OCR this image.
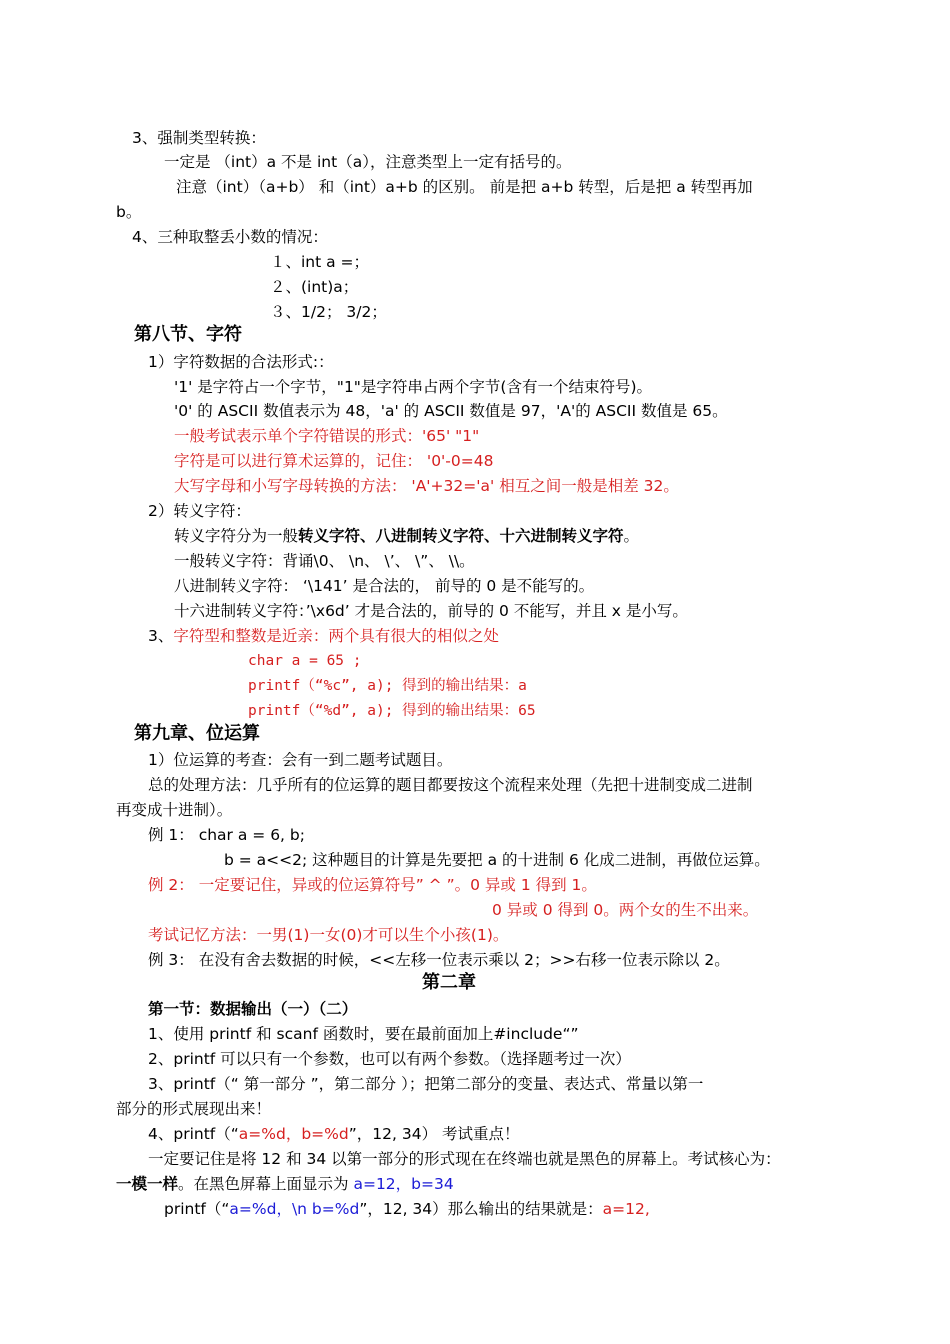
3、强制类型转换：
一定是 （int）a 不是 int（a），注意类型上一定有括号的。
注意（int）（a+b） 和（int）a+b 的区别。 前是把 a+b 转型，后是把 a 转型再加
b。
4、三种取整丢小数的情况：
１、int a =；
２、(int)a；
３、1/2； 3/2；
第八节、字符
1）字符数据的合法形式:：
'1' 是字符占一个字节，"1"是字符串占两个字节(含有一个结束符号)。
'0' 的 ASCII 数值表示为 48，'a' 的 ASCII 数值是 97，'A'的 ASCII 数值是 65。
一般考试表示单个字符错误的形式：'65' "1"
字符是可以进行算术运算的，记住： '0'-0=48
大写字母和小写字母转换的方法： 'A'+32='a' 相互之间一般是相差 32。
2）转义字符：
转义字符分为一般转义字符、八进制转义字符、十六进制转义字符。
一般转义字符：背诵\0、 \n、 \’、 \”、 \\。
八进制转义字符： ‘\141’ 是合法的， 前导的 0 是不能写的。
十六进制转义字符：’\x6d’ 才是合法的，前导的 0 不能写，并且 x 是小写。
3、字符型和整数是近亲：两个具有很大的相似之处
char a = 65 ;
printf（“%c”, a); 得到的输出结果：a
printf（“%d”, a); 得到的输出结果：65
第九章、位运算
1）位运算的考查：会有一到二题考试题目。
总的处理方法：几乎所有的位运算的题目都要按这个流程来处理（先把十进制变成二进制
再变成十进制）。
例 1： char a = 6, b;
b = a<<2; 这种题目的计算是先要把 a 的十进制 6 化成二进制，再做位运算。
例 2： 一定要记住，异或的位运算符号” ^ ”。0 异或 1 得到 1。
0 异或 0 得到 0。两个女的生不出来。
考试记忆方法：一男(1)一女(0)才可以生个小孩(1)。
例 3： 在没有舍去数据的时候，<<左移一位表示乘以 2；>>右移一位表示除以 2。
第二章
第一节：数据输出（一）（二）
1、使用 printf 和 scanf 函数时，要在最前面加上#include“”
2、printf 可以只有一个参数，也可以有两个参数。（选择题考过一次）
3、printf（“ 第一部分 ”，第二部分 ）；把第二部分的变量、表达式、常量以第一
部分的形式展现出来！
4、printf（“a=%d，b=%d”，12, 34） 考试重点！
一定要记住是将 12 和 34 以第一部分的形式现在在终端也就是黑色的屏幕上。考试核心为：
一模一样。在黑色屏幕上面显示为 a=12，b=34
printf（“a=%d，\n b=%d”，12, 34）那么输出的结果就是：a=12,
